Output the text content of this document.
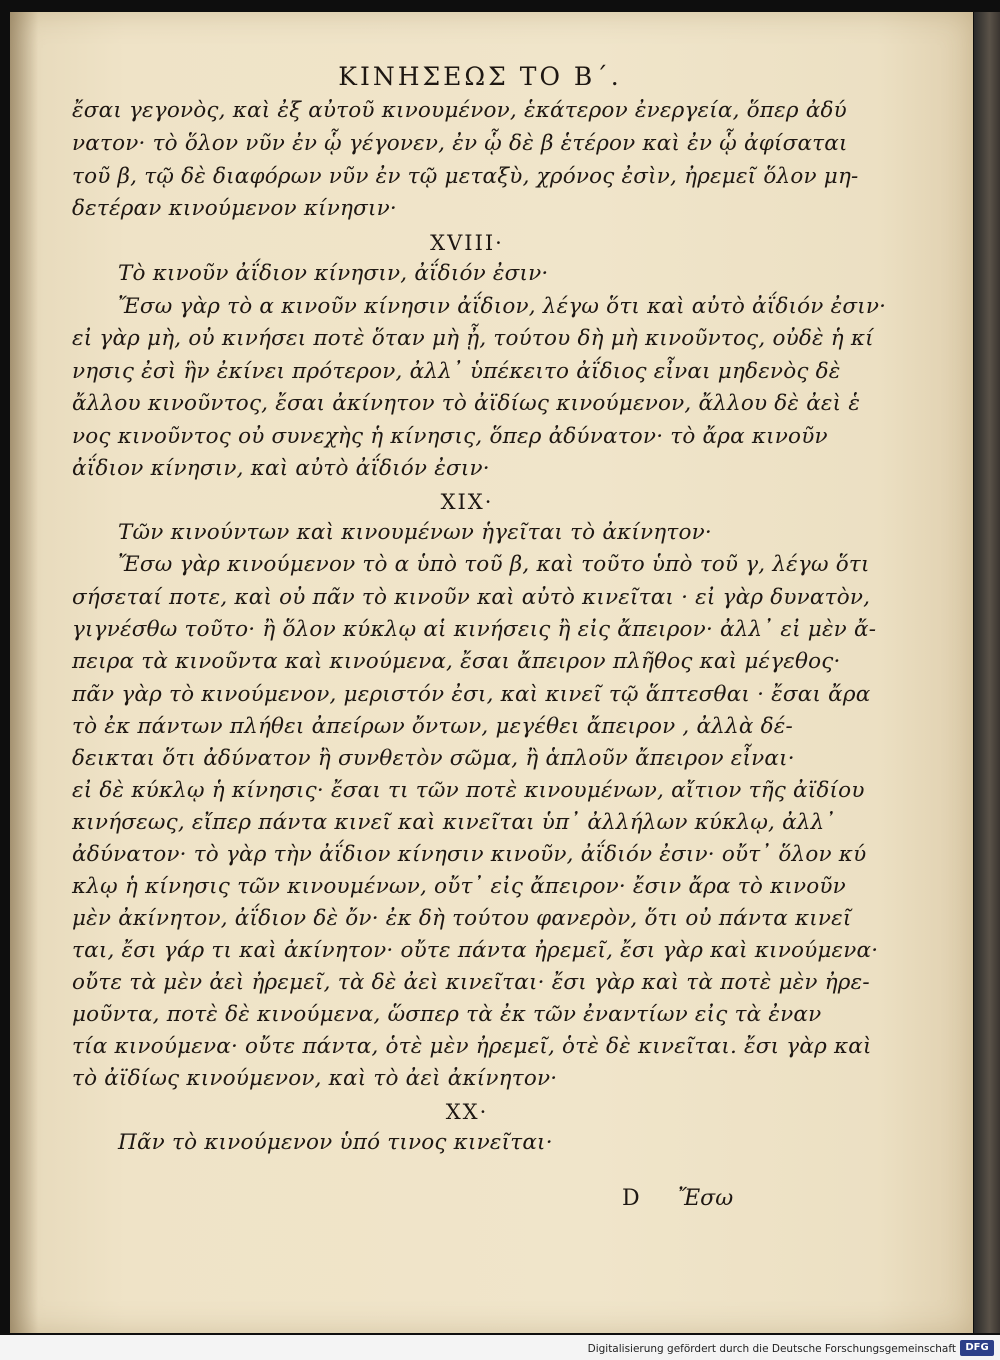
ΚΙΝΗΣΕΩΣ ΤΟ Β΄.
ἔσαι γεγονὸς, καὶ ἐξ αὐτοῦ κινουμένον, ἑκάτερον ἐνεργεία, ὅπερ ἀδύ
νατον· τὸ ὅλον νῦν ἐν ᾧ γέγονεν, ἐν ᾧ δὲ β ἑτέρον καὶ ἐν ᾧ ἀφίσαται
τοῦ β, τῷ δὲ διαφόρων νῦν ἐν τῷ μεταξὺ, χρόνος ἐσὶν, ἠρεμεῖ ὅλον μη-
δετέραν κινούμενον κίνησιν·
XVIII·
Τὸ κινοῦν ἀΐδιον κίνησιν, ἀΐδιόν ἐσιν·
Ἔσω γὰρ τὸ α κινοῦν κίνησιν ἀΐδιον, λέγω ὅτι καὶ αὐτὸ ἀΐδιόν ἐσιν·
εἰ γὰρ μὴ, οὐ κινήσει ποτὲ ὅταν μὴ ᾖ, τούτου δὴ μὴ κινοῦντος, οὐδὲ ἡ κί
νησις ἐσὶ ἣν ἐκίνει πρότερον, ἀλλ᾽ ὑπέκειτο ἀΐδιος εἶναι μηδενὸς δὲ
ἄλλου κινοῦντος, ἔσαι ἀκίνητον τὸ ἀϊδίως κινούμενον, ἄλλου δὲ ἀεὶ ἑ
νος κινοῦντος οὐ συνεχὴς ἡ κίνησις, ὅπερ ἀδύνατον· τὸ ἄρα κινοῦν
ἀΐδιον κίνησιν, καὶ αὐτὸ ἀΐδιόν ἐσιν·
XIX·
Τῶν κινούντων καὶ κινουμένων ἡγεῖται τὸ ἀκίνητον·
Ἔσω γὰρ κινούμενον τὸ α ὑπὸ τοῦ β, καὶ τοῦτο ὑπὸ τοῦ γ, λέγω ὅτι
σήσεταί ποτε, καὶ οὐ πᾶν τὸ κινοῦν καὶ αὐτὸ κινεῖται · εἰ γὰρ δυνατὸν,
γιγνέσθω τοῦτο· ἢ ὅλον κύκλῳ αἱ κινήσεις ἢ εἰς ἄπειρον· ἀλλ᾽ εἰ μὲν ἄ-
πειρα τὰ κινοῦντα καὶ κινούμενα, ἔσαι ἄπειρον πλῆθος καὶ μέγεθος·
πᾶν γὰρ τὸ κινούμενον, μεριστόν ἐσι, καὶ κινεῖ τῷ ἅπτεσθαι · ἔσαι ἄρα
τὸ ἐκ πάντων πλήθει ἀπείρων ὄντων, μεγέθει ἄπειρον , ἀλλὰ δέ-
δεικται ὅτι ἀδύνατον ἢ συνθετὸν σῶμα, ἢ ἁπλοῦν ἄπειρον εἶναι·
εἰ δὲ κύκλῳ ἡ κίνησις· ἔσαι τι τῶν ποτὲ κινουμένων, αἴτιον τῆς ἀϊδίου
κινήσεως, εἴπερ πάντα κινεῖ καὶ κινεῖται ὑπ᾽ ἀλλήλων κύκλῳ, ἀλλ᾽
ἀδύνατον· τὸ γὰρ τὴν ἀΐδιον κίνησιν κινοῦν, ἀΐδιόν ἐσιν· οὔτ᾽ ὅλον κύ
κλῳ ἡ κίνησις τῶν κινουμένων, οὔτ᾽ εἰς ἄπειρον· ἔσιν ἄρα τὸ κινοῦν
μὲν ἀκίνητον, ἀΐδιον δὲ ὄν· ἐκ δὴ τούτου φανερὸν, ὅτι οὐ πάντα κινεῖ
ται, ἔσι γάρ τι καὶ ἀκίνητον· οὔτε πάντα ἠρεμεῖ, ἔσι γὰρ καὶ κινούμενα·
οὔτε τὰ μὲν ἀεὶ ἠρεμεῖ, τὰ δὲ ἀεὶ κινεῖται· ἔσι γὰρ καὶ τὰ ποτὲ μὲν ἠρε-
μοῦντα, ποτὲ δὲ κινούμενα, ὥσπερ τὰ ἐκ τῶν ἐναντίων εἰς τὰ ἐναν
τία κινούμενα· οὔτε πάντα, ὁτὲ μὲν ἠρεμεῖ, ὁτὲ δὲ κινεῖται. ἔσι γὰρ καὶ
τὸ ἀϊδίως κινούμενον, καὶ τὸ ἀεὶ ἀκίνητον·
XX·
Πᾶν τὸ κινούμενον ὑπό τινος κινεῖται·
D Ἔσω
Digitalisierung gefördert durch die Deutsche Forschungsgemeinschaft DFG
